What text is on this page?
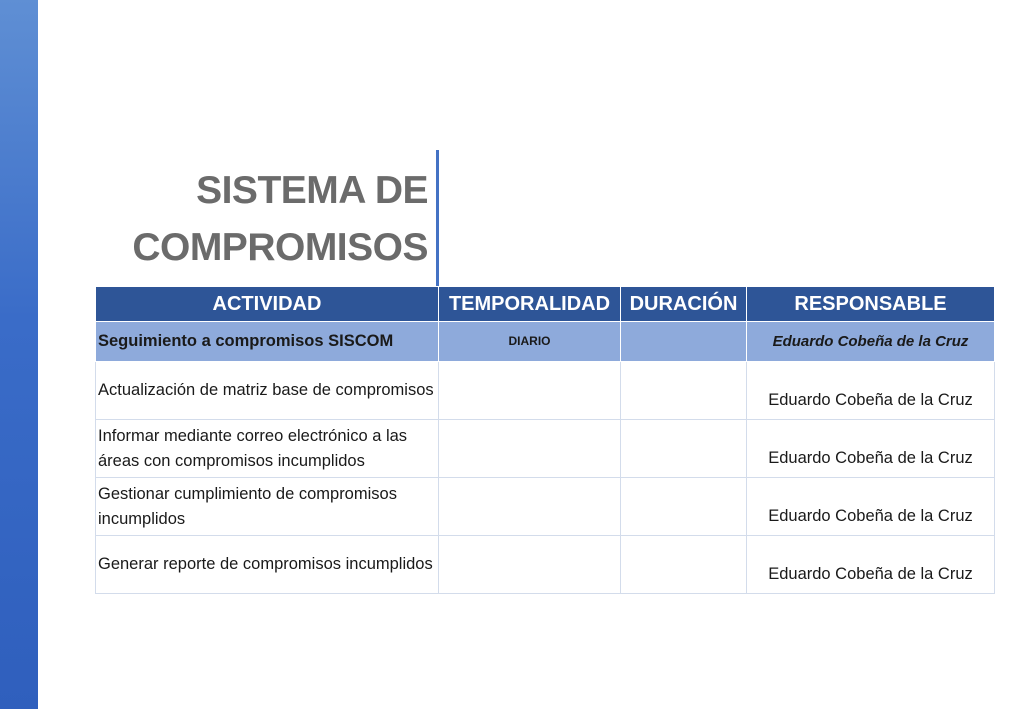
SISTEMA DE
COMPROMISOS
ACTIVIDAD	TEMPORALIDAD	DURACIÓN	RESPONSABLE
Seguimiento a compromisos SISCOM	DIARIO		Eduardo Cobeña de la Cruz
Actualización de matriz base de compromisos			Eduardo Cobeña de la Cruz
Informar mediante correo electrónico a las áreas con compromisos incumplidos			Eduardo Cobeña de la Cruz
Gestionar cumplimiento de compromisos incumplidos			Eduardo Cobeña de la Cruz
Generar reporte de compromisos incumplidos			Eduardo Cobeña de la Cruz
